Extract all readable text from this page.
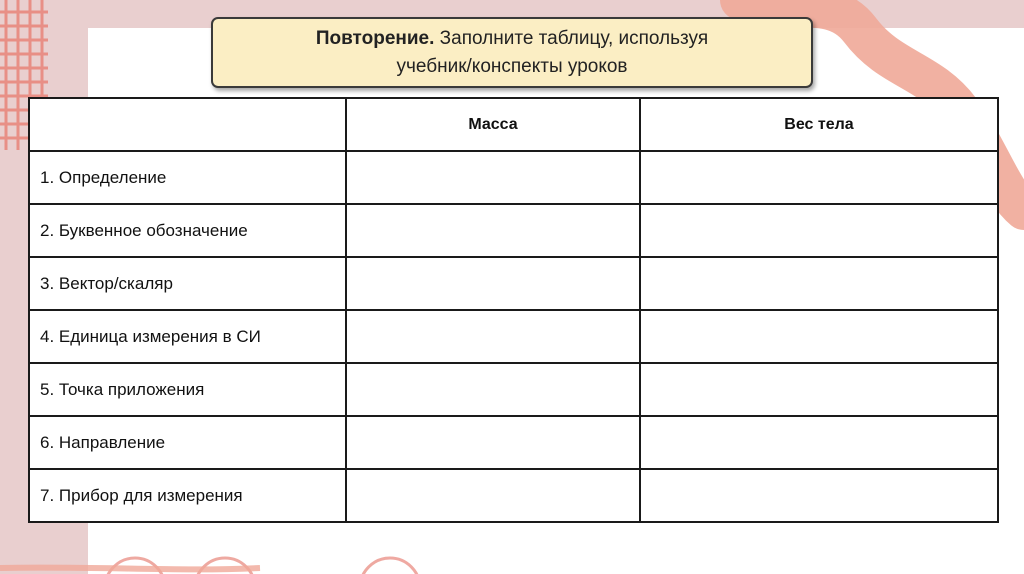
Повторение. Заполните таблицу, используя
учебник/конспекты уроков
	Масса	Вес тела
1. Определение		
2. Буквенное обозначение		
3. Вектор/скаляр		
4. Единица измерения в СИ		
5. Точка приложения		
6. Направление		
7. Прибор для измерения		
